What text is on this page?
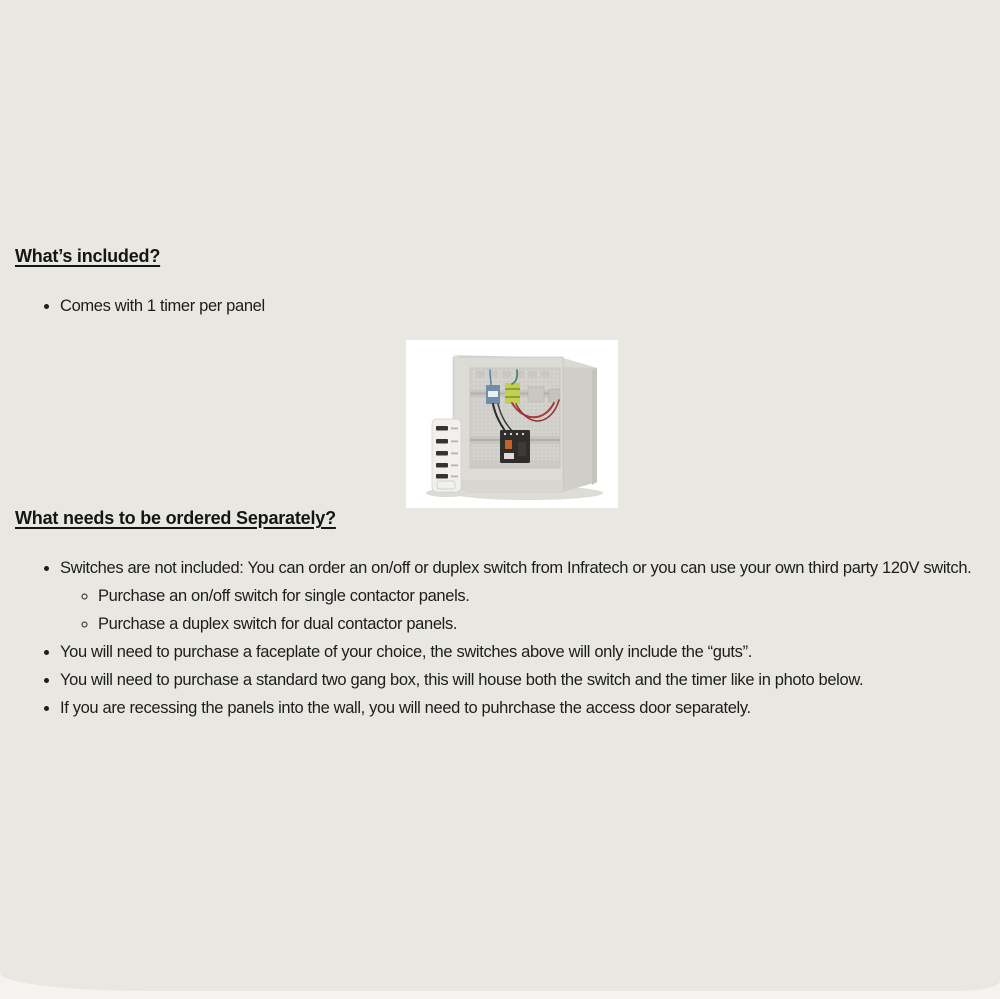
What’s included?
• Comes with 1 timer per panel
What needs to be ordered Separately?
• Switches are not included: You can order an on/off or duplex switch from Infratech or you can use your own third party 120V switch.
◦ Purchase an on/off switch for single contactor panels.
◦ Purchase a duplex switch for dual contactor panels.
• You will need to purchase a faceplate of your choice, the switches above will only include the “guts”.
• You will need to purchase a standard two gang box, this will house both the switch and the timer like in photo below.
• If you are recessing the panels into the wall, you will need to puhrchase the access door separately.
